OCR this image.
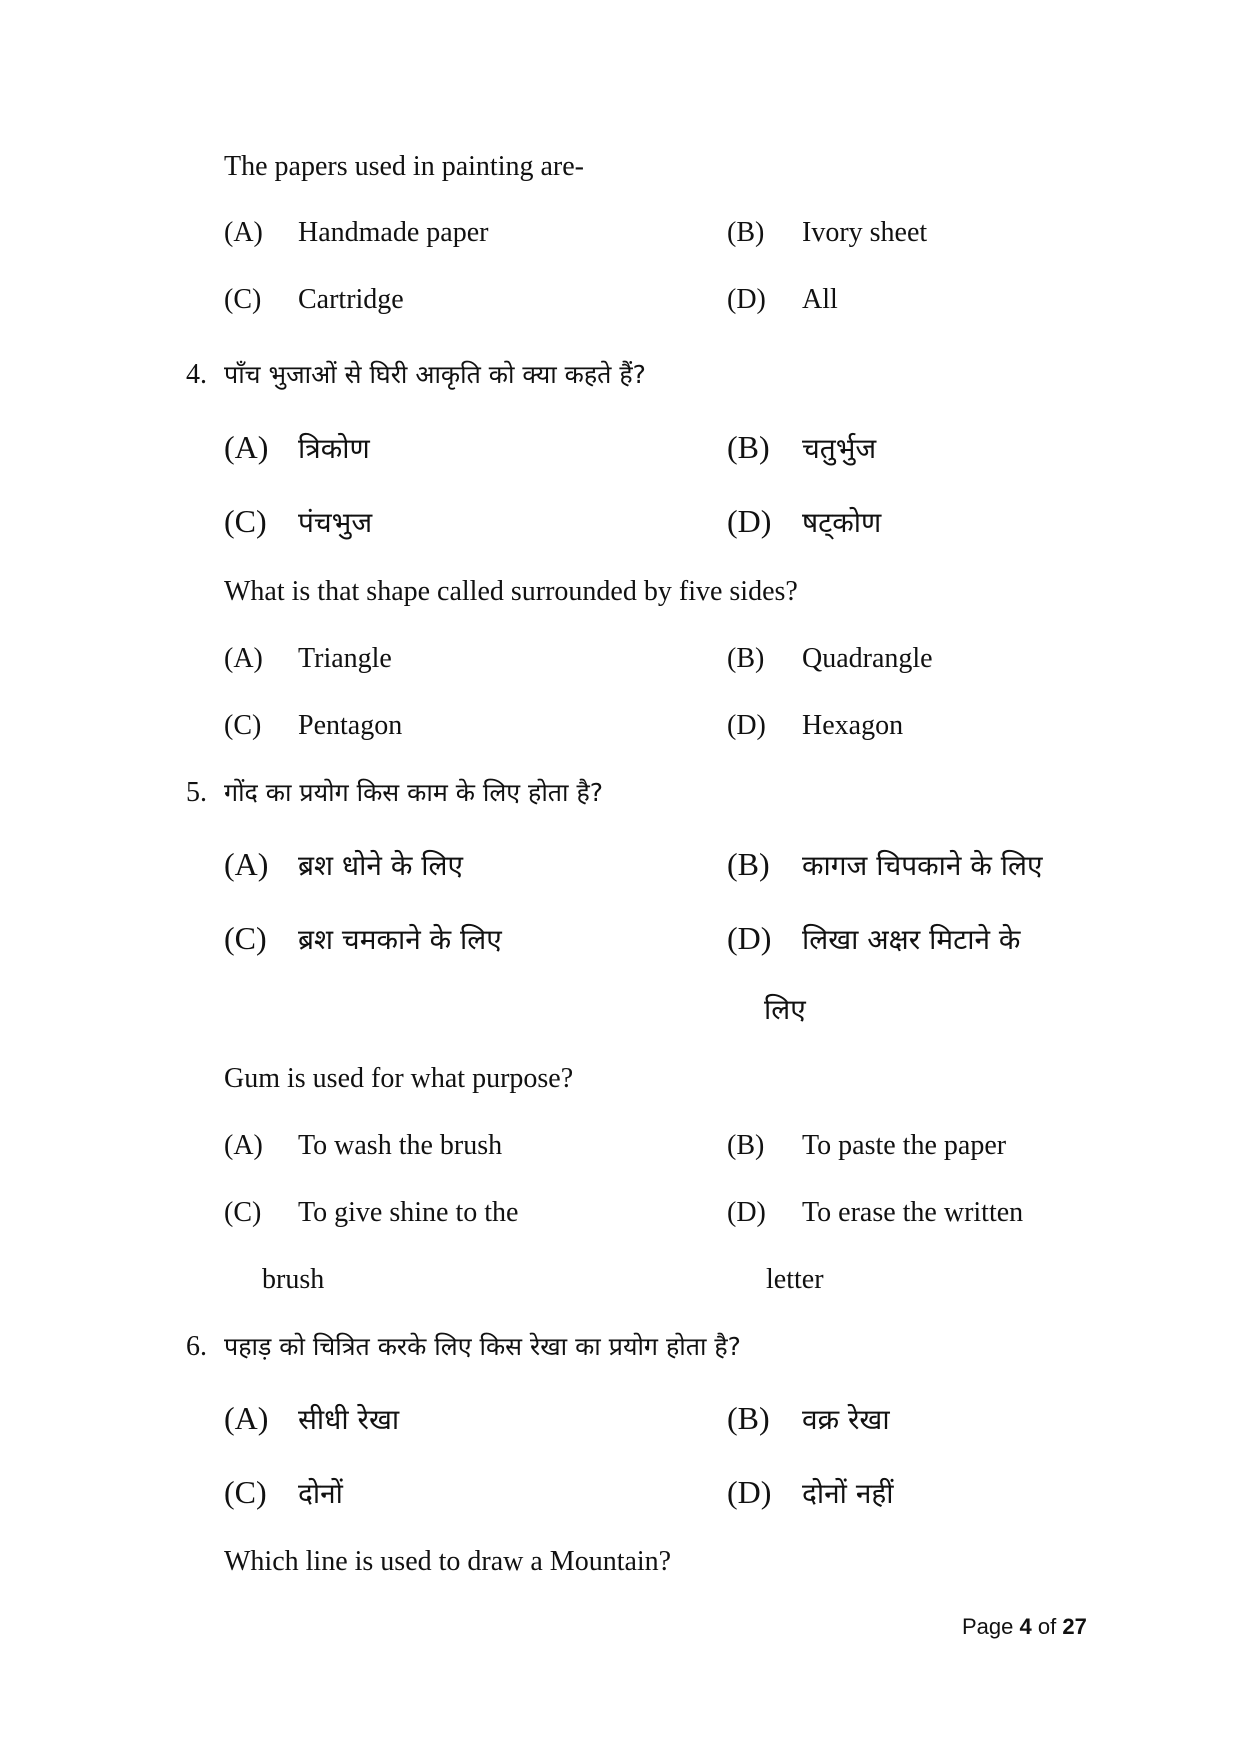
The papers used in painting are-
(A) Handmade paper	(B) Ivory sheet
(C) Cartridge	(D) All
4. पाँच भुजाओं से घिरी आकृति को क्या कहते हैं?
(A) त्रिकोण	(B) चतुर्भुज
(C) पंचभुज	(D) षट्कोण
What is that shape called surrounded by five sides?
(A) Triangle	(B) Quadrangle
(C) Pentagon	(D) Hexagon
5. गोंद का प्रयोग किस काम के लिए होता है?
(A) ब्रश धोने के लिए	(B) कागज चिपकाने के लिए
(C) ब्रश चमकाने के लिए	(D) लिखा अक्षर मिटाने के
लिए
Gum is used for what purpose?
(A) To wash the brush	(B) To paste the paper
(C) To give shine to the	(D) To erase the written
brush	letter
6. पहाड़ को चित्रित करके लिए किस रेखा का प्रयोग होता है?
(A) सीधी रेखा	(B) वक्र रेखा
(C) दोनों	(D) दोनों नहीं
Which line is used to draw a Mountain?
Page 4 of 27
